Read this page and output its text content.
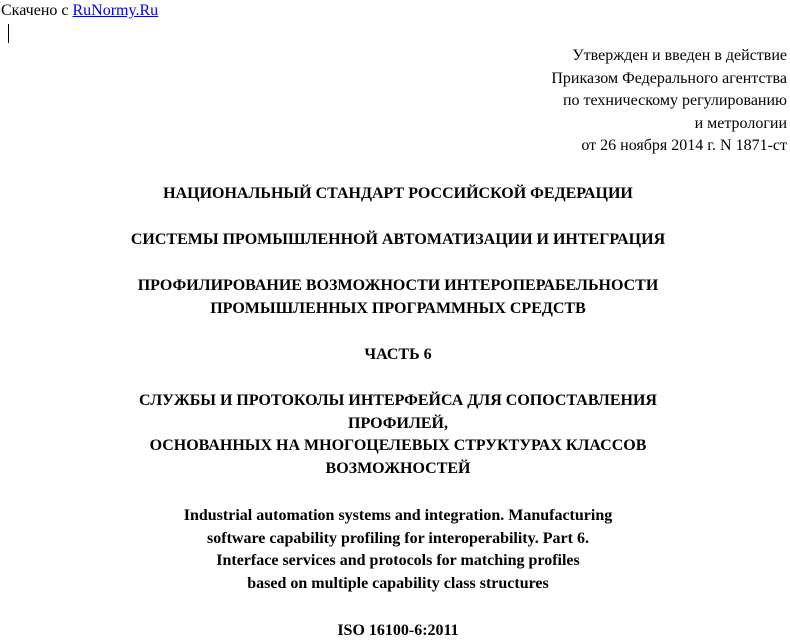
Скачено с RuNormy.Ru
Утвержден и введен в действие
Приказом Федерального агентства
по техническому регулированию
и метрологии
от 26 ноября 2014 г. N 1871-ст
НАЦИОНАЛЬНЫЙ СТАНДАРТ РОССИЙСКОЙ ФЕДЕРАЦИИ
СИСТЕМЫ ПРОМЫШЛЕННОЙ АВТОМАТИЗАЦИИ И ИНТЕГРАЦИЯ
ПРОФИЛИРОВАНИЕ ВОЗМОЖНОСТИ ИНТЕРОПЕРАБЕЛЬНОСТИ
ПРОМЫШЛЕННЫХ ПРОГРАММНЫХ СРЕДСТВ
ЧАСТЬ 6
СЛУЖБЫ И ПРОТОКОЛЫ ИНТЕРФЕЙСА ДЛЯ СОПОСТАВЛЕНИЯ
ПРОФИЛЕЙ,
ОСНОВАННЫХ НА МНОГОЦЕЛЕВЫХ СТРУКТУРАХ КЛАССОВ
ВОЗМОЖНОСТЕЙ
Industrial automation systems and integration. Manufacturing
software capability profiling for interoperability. Part 6.
Interface services and protocols for matching profiles
based on multiple capability class structures
ISO 16100-6:2011
